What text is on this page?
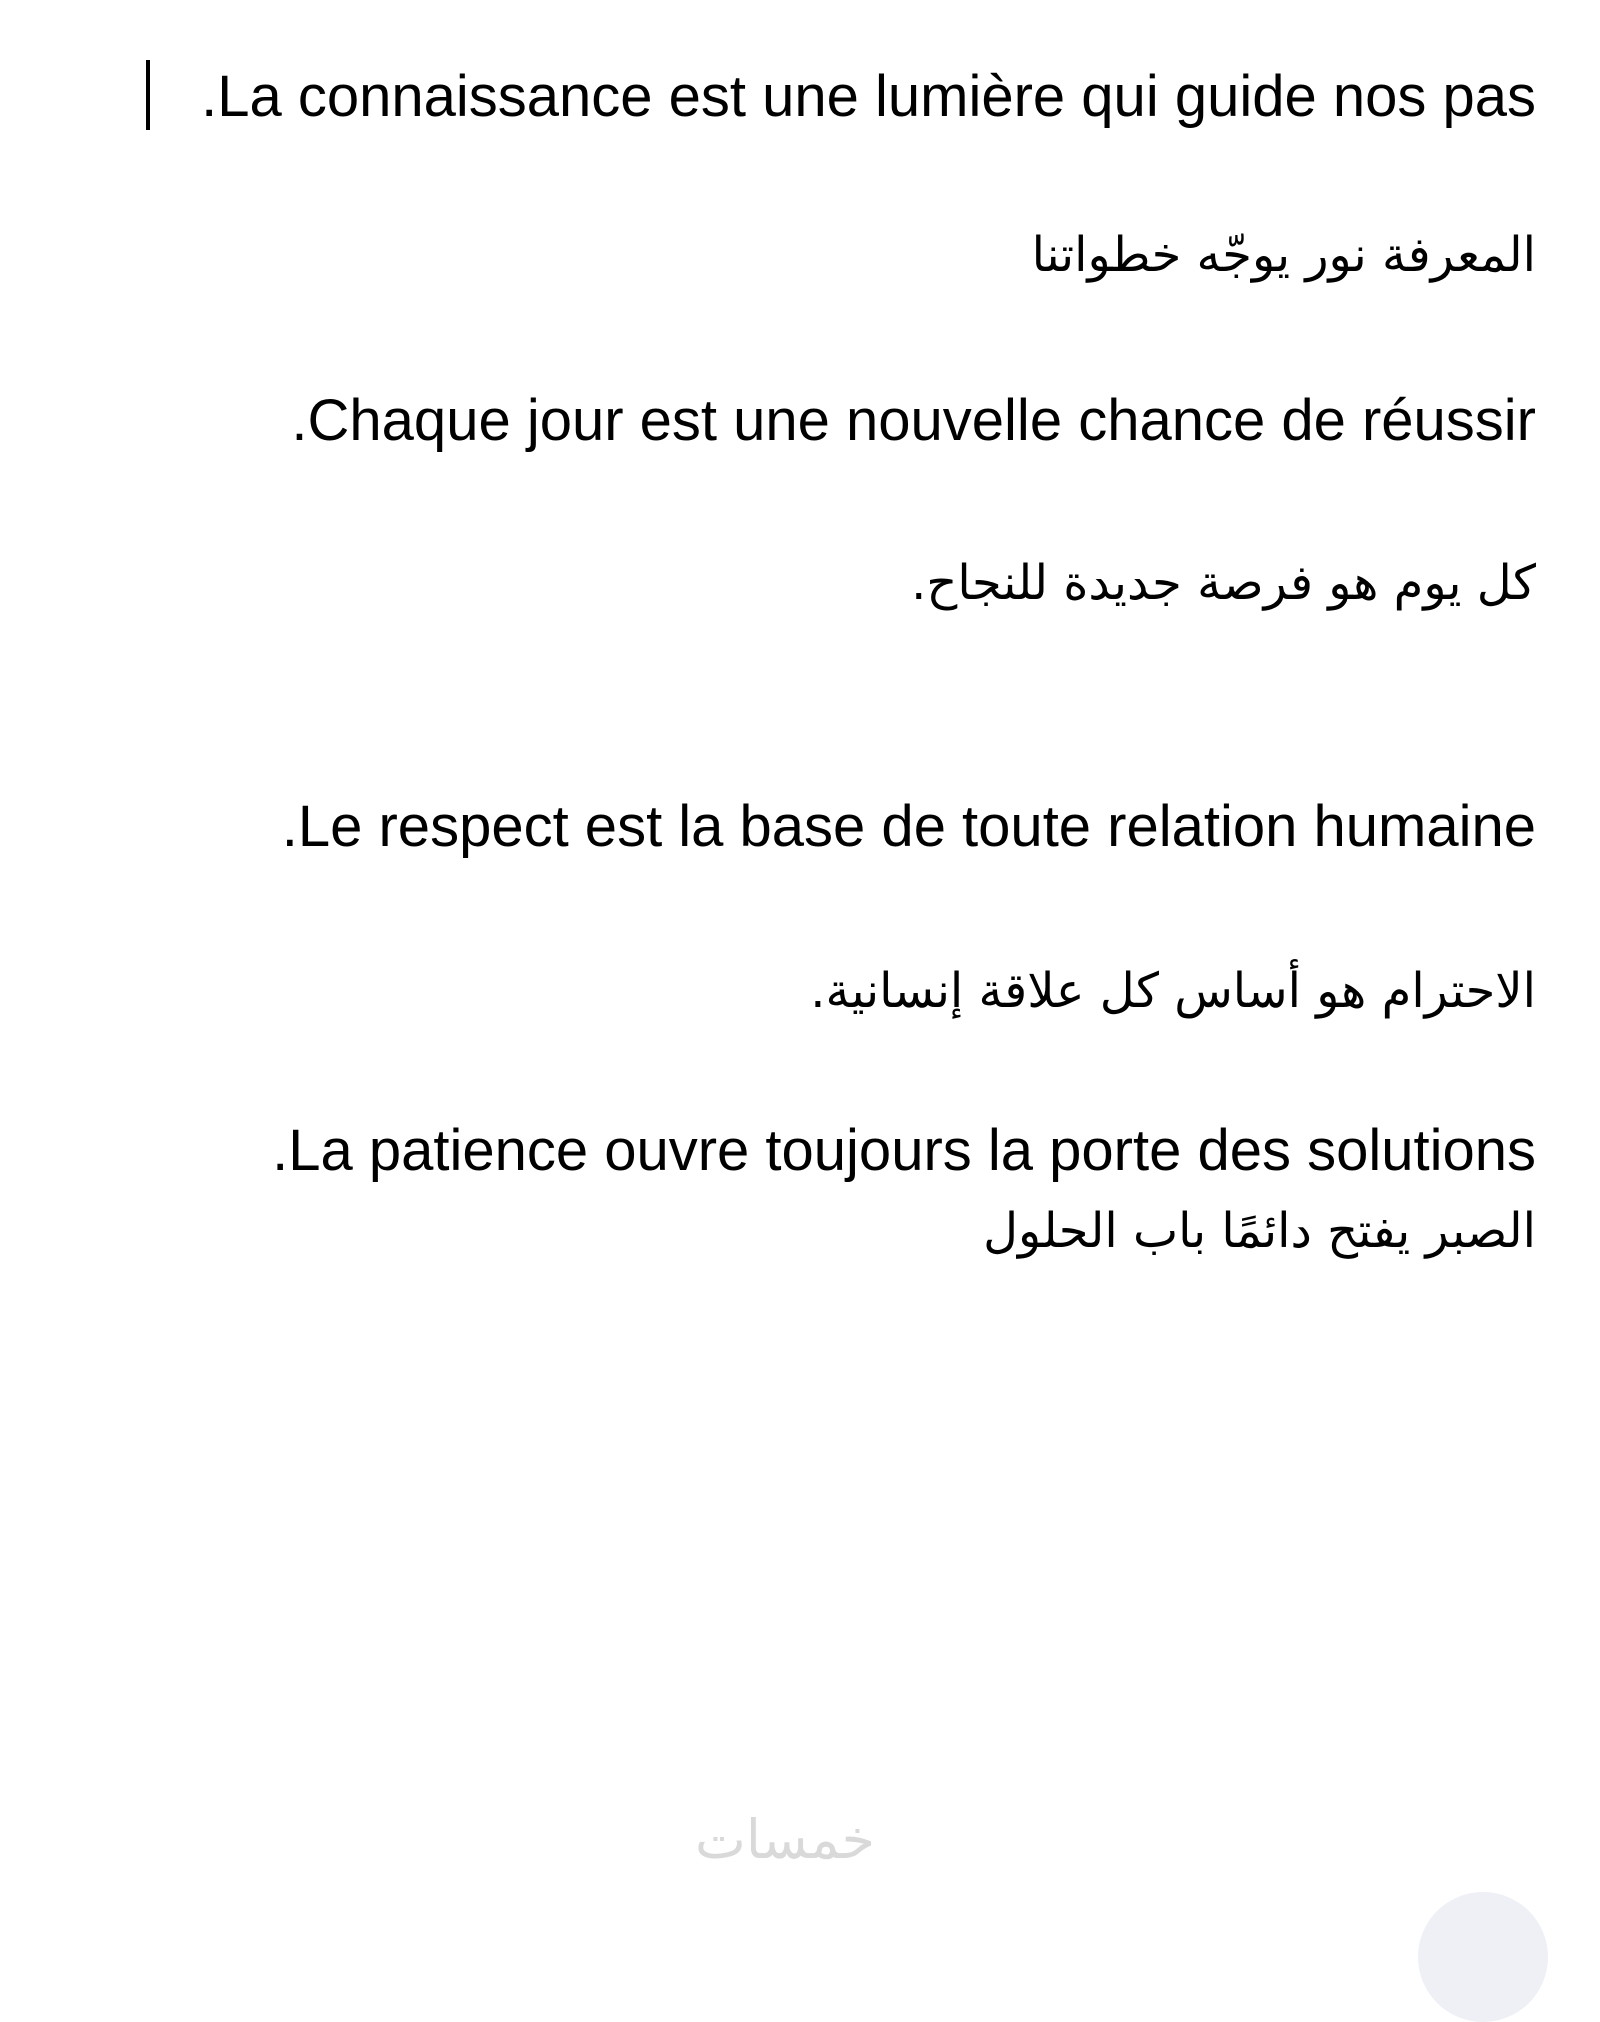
.La connaissance est une lumière qui guide nos pas
المعرفة نور يوجّه خطواتنا
.Chaque jour est une nouvelle chance de réussir
كل يوم هو فرصة جديدة للنجاح.
.Le respect est la base de toute relation humaine
الاحترام هو أساس كل علاقة إنسانية.
.La patience ouvre toujours la porte des solutions
الصبر يفتح دائمًا باب الحلول
خمسات
